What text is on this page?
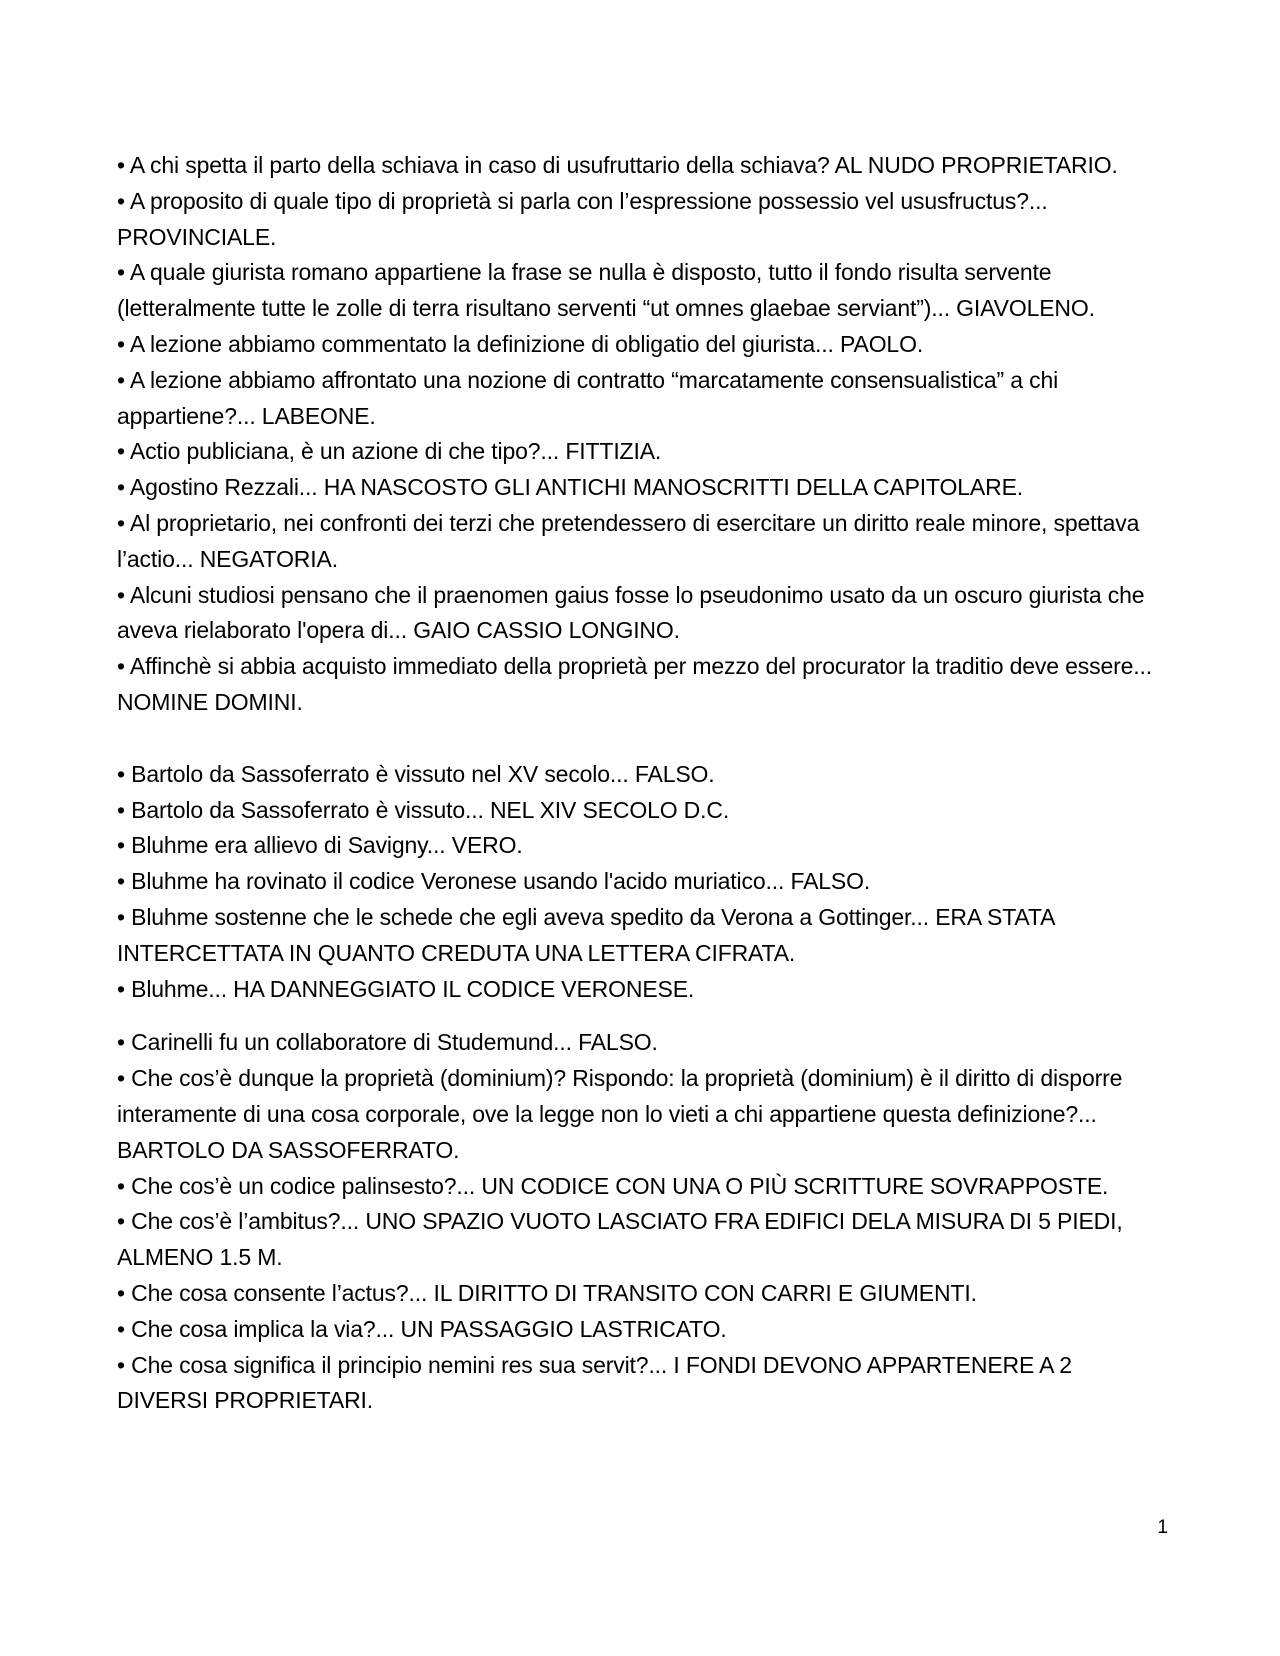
• A chi spetta il parto della schiava in caso di usufruttario della schiava? AL NUDO PROPRIETARIO.

• A proposito di quale tipo di proprietà si parla con l’espressione possessio vel ususfructus?... PROVINCIALE.

• A quale giurista romano appartiene la frase se nulla è disposto, tutto il fondo risulta servente (letteralmente tutte le zolle di terra risultano serventi “ut omnes glaebae serviant”)... GIAVOLENO.

• A lezione abbiamo commentato la definizione di obligatio del giurista... PAOLO.

• A lezione abbiamo affrontato una nozione di contratto “marcatamente consensualistica” a chi appartiene?... LABEONE.

• Actio publiciana, è un azione di che tipo?... FITTIZIA.

• Agostino Rezzali... HA NASCOSTO GLI ANTICHI MANOSCRITTI DELLA CAPITOLARE.

• Al proprietario, nei confronti dei terzi che pretendessero di esercitare un diritto reale minore, spettava l’actio... NEGATORIA.

• Alcuni studiosi pensano che il praenomen gaius fosse lo pseudonimo usato da un oscuro giurista che aveva rielaborato l'opera di... GAIO CASSIO LONGINO.

• Affinchè si abbia acquisto immediato della proprietà per mezzo del procurator la traditio deve essere... NOMINE DOMINI.

• Bartolo da Sassoferrato è vissuto nel XV secolo... FALSO.

• Bartolo da Sassoferrato è vissuto... NEL XIV SECOLO D.C.

• Bluhme era allievo di Savigny... VERO.

• Bluhme ha rovinato il codice Veronese usando l'acido muriatico... FALSO.

• Bluhme sostenne che le schede che egli aveva spedito da Verona a Gottinger... ERA STATA INTERCETTATA IN QUANTO CREDUTA UNA LETTERA CIFRATA.

• Bluhme... HA DANNEGGIATO IL CODICE VERONESE.

• Carinelli fu un collaboratore di Studemund... FALSO.

• Che cos’è dunque la proprietà (dominium)? Rispondo: la proprietà (dominium) è il diritto di disporre interamente di una cosa corporale, ove la legge non lo vieti a chi appartiene questa definizione?... BARTOLO DA SASSOFERRATO.

• Che cos’è un codice palinsesto?... UN CODICE CON UNA O PIÙ SCRITTURE SOVRAPPOSTE.

• Che cos’è l’ambitus?... UNO SPAZIO VUOTO LASCIATO FRA EDIFICI DELA MISURA DI 5 PIEDI, ALMENO 1.5 M.

• Che cosa consente l’actus?... IL DIRITTO DI TRANSITO CON CARRI E GIUMENTI.

• Che cosa implica la via?... UN PASSAGGIO LASTRICATO.

• Che cosa significa il principio nemini res sua servit?... I FONDI DEVONO APPARTENERE A 2 DIVERSI PROPRIETARI.

1
